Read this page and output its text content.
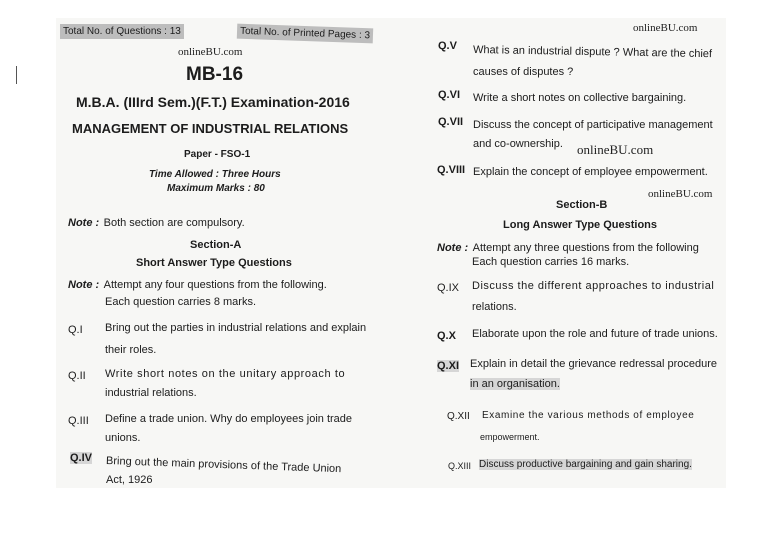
Total No. of Questions : 13	Total No. of Printed Pages : 3
onlineBU.com
MB-16
M.B.A. (IIIrd Sem.)(F.T.) Examination-2016
MANAGEMENT OF INDUSTRIAL RELATIONS
Paper - FSO-1
Time Allowed : Three Hours
Maximum Marks : 80
Note : Both section are compulsory.
Section-A
Short Answer Type Questions
Note : Attempt any four questions from the following.
Each question carries 8 marks.
Q.I Bring out the parties in industrial relations and explain
their roles.
Q.II Write short notes on the unitary approach to
industrial relations.
Q.III Define a trade union. Why do employees join trade
unions.
Q.IV Bring out the main provisions of the Trade Union
Act, 1926
onlineBU.com
Q.V What is an industrial dispute ? What are the chief
causes of disputes ?
Q.VI Write a short notes on collective bargaining.
Q.VII Discuss the concept of participative management
and co-ownership. onlineBU.com
Q.VIII Explain the concept of employee empowerment.
onlineBU.com
Section-B
Long Answer Type Questions
Note : Attempt any three questions from the following
Each question carries 16 marks.
Q.IX Discuss the different approaches to industrial
relations.
Q.X Elaborate upon the role and future of trade unions.
Q.XI Explain in detail the grievance redressal procedure
in an organisation.
Q.XII Examine the various methods of employee
empowerment.
Q.XIII Discuss productive bargaining and gain sharing.
